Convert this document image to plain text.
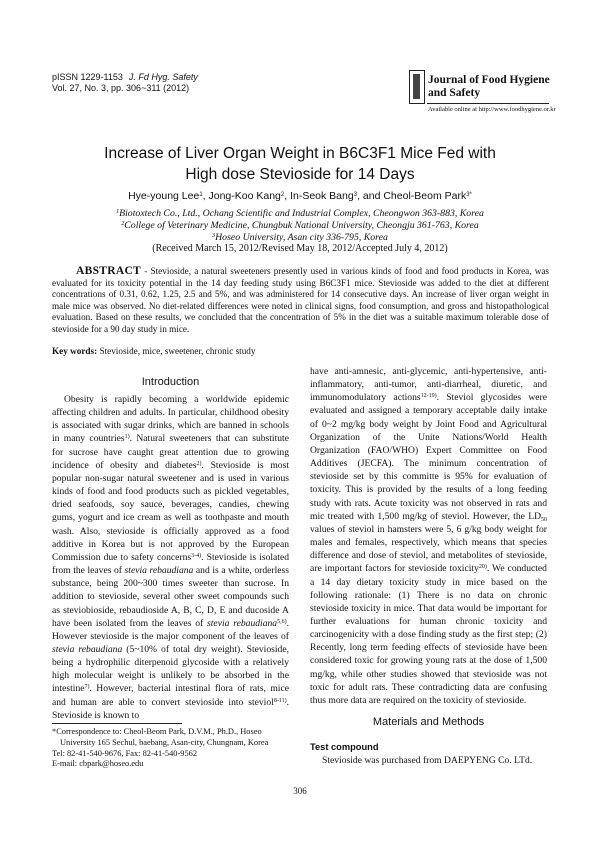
pISSN 1229-1153 J. Fd Hyg. Safety
Vol. 27, No. 3, pp. 306~311 (2012)
Journal of Food Hygiene
and Safety
Available online at http://www.foodhygiene.or.kr
Increase of Liver Organ Weight in B6C3F1 Mice Fed with
High dose Stevioside for 14 Days
Hye-young Lee$^1$, Jong-Koo Kang$^2$, In-Seok Bang$^3$, and Cheol-Beom Park$^{3*}$
$^1$Biotoxtech Co., Ltd., Ochang Scientific and Industrial Complex, Cheongwon 363-883, Korea
$^2$College of Veterinary Medicine, Chungbuk National University, Cheongju 361-763, Korea
$^3$Hoseo University, Asan city 336-795, Korea
(Received March 15, 2012/Revised May 18, 2012/Accepted July 4, 2012)
ABSTRACT - Stevioside, a natural sweeteners presently used in various kinds of food and food products in Korea, was evaluated for its toxicity potential in the 14 day feeding study using B6C3F1 mice. Stevioside was added to the diet at different concentrations of 0.31, 0.62, 1.25, 2.5 and 5%, and was administered for 14 consecutive days. An increase of liver organ weight in male mice was observed. No diet-related differences were noted in clinical signs, food consumption, and gross and histopathological evaluation. Based on these results, we concluded that the concentration of 5% in the diet was a suitable maximum tolerable dose of stevioside for a 90 day study in mice.
Key words: Stevioside, mice, sweetener, chronic study
Introduction

Obesity is rapidly becoming a worldwide epidemic affecting children and adults. In particular, childhood obesity is associated with sugar drinks, which are banned in schools in many countries$^{1)}$. Natural sweeteners that can substitute for sucrose have caught great attention due to growing incidence of obesity and diabetes$^{2)}$. Stevioside is most popular non-sugar natural sweetener and is used in various kinds of food and food products such as pickled vegetables, dried seafoods, soy sauce, beverages, candies, chewing gums, yogurt and ice cream as well as toothpaste and mouth wash. Also, stevioside is officially approved as a food additive in Korea but is not approved by the European Commission due to safety concerns$^{3-4)}$. Stevioside is isolated from the leaves of stevia rebaudiana and is a white, orderless substance, being 200~300 times sweeter than sucrose. In addition to stevioside, several other sweet compounds such as steviobioside, rebaudioside A, B, C, D, E and ducoside A have been isolated from the leaves of stevia rebaudiana$^{5,6)}$. However stevioside is the major component of the leaves of stevia rebaudiana (5~10% of total dry weight). Stevioside, being a hydrophilic diterpenoid glycoside with a relatively high molecular weight is unlikely to be absorbed in the intestine$^{7)}$. However, bacterial intestinal flora of rats, mice and human are able to convert stevioside into steviol$^{8-11)}$. Stevioside is known to

have anti-amnesic, anti-glycemic, anti-hypertensive, anti-inflammatory, anti-tumor, anti-diarrheal, diuretic, and immunomodulatory actions$^{12-19)}$. Steviol glycosides were evaluated and assigned a temporary acceptable daily intake of 0~2 mg/kg body weight by Joint Food and Agricultural Organization of the Unite Nations/World Health Organization (FAO/WHO) Expert Committee on Food Additives (JECFA). The minimum concentration of stevioside set by this committe is 95% for evaluation of toxicity. This is provided by the results of a long feeding study with rats. Acute toxicity was not observed in rats and mic treated with 1,500 mg/kg of steviol. However, the $LD_{50}$ values of steviol in hamsters were 5, 6 g/kg body weight for males and females, respectively, which means that species difference and dose of steviol, and metabolites of stevioside, are important factors for stevioside toxicity$^{20)}$. We conducted a 14 day dietary toxicity study in mice based on the following rationale: (1) There is no data on chronic stevioside toxicity in mice. That data would be important for further evaluations for human chronic toxicity and carcinogenicity with a dose finding study as the first step; (2) Recently, long term feeding effects of stevioside have been considered toxic for growing young rats at the dose of 1,500 mg/kg, while other studies showed that stevioside was not toxic for adult rats. These contradicting data are confusing thus more data are required on the toxicity of stevioside.

Materials and Methods
Test compound
Stevioside was purchased from DAEPYENG Co. LTd.
*Correspondence to: Cheol-Beom Park, D.V.M., Ph.D., Hoseo
University 165 Sechul, baebang, Asan-city, Chungnam, Korea
Tel: 82-41-540-9676, Fax: 82-41-540-9562
E-mail: cbpark@hoseo.edu
306
